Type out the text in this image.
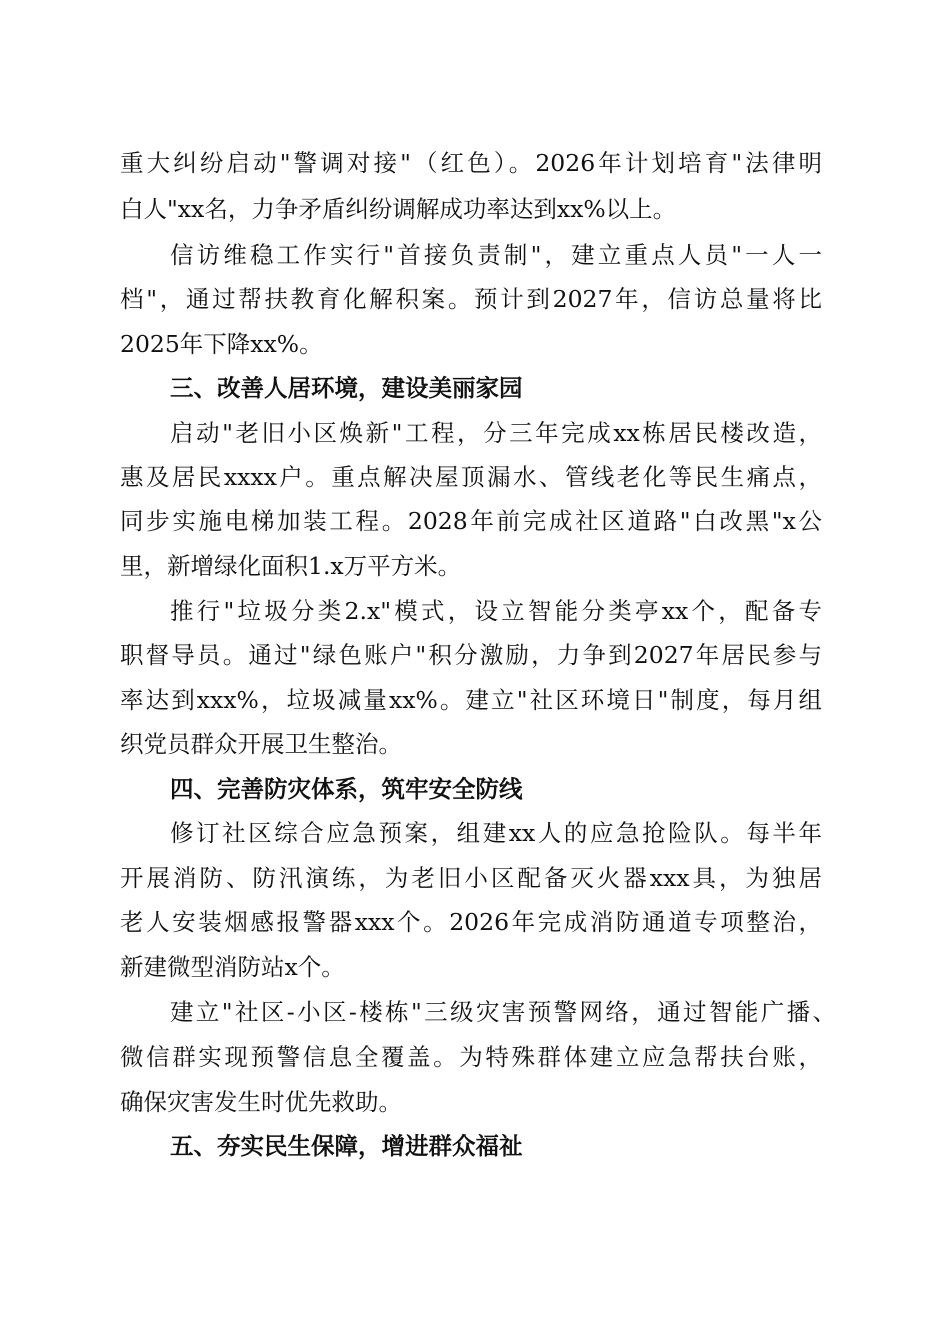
重大纠纷启动"警调对接"（红色）。2026年计划培育"法律明
白人"xx名，力争矛盾纠纷调解成功率达到xx%以上。
信访维稳工作实行"首接负责制"，建立重点人员"一人一
档"，通过帮扶教育化解积案。预计到2027年，信访总量将比
2025年下降xx%。
三、改善人居环境，建设美丽家园
启动"老旧小区焕新"工程，分三年完成xx栋居民楼改造，
惠及居民xxxx户。重点解决屋顶漏水、管线老化等民生痛点，
同步实施电梯加装工程。2028年前完成社区道路"白改黑"x公
里，新增绿化面积1.x万平方米。
推行"垃圾分类2.x"模式，设立智能分类亭xx个，配备专
职督导员。通过"绿色账户"积分激励，力争到2027年居民参与
率达到xxx%，垃圾减量xx%。建立"社区环境日"制度，每月组
织党员群众开展卫生整治。
四、完善防灾体系，筑牢安全防线
修订社区综合应急预案，组建xx人的应急抢险队。每半年
开展消防、防汛演练，为老旧小区配备灭火器xxx具，为独居
老人安装烟感报警器xxx个。2026年完成消防通道专项整治，
新建微型消防站x个。
建立"社区-小区-楼栋"三级灾害预警网络，通过智能广播、
微信群实现预警信息全覆盖。为特殊群体建立应急帮扶台账，
确保灾害发生时优先救助。
五、夯实民生保障，增进群众福祉
